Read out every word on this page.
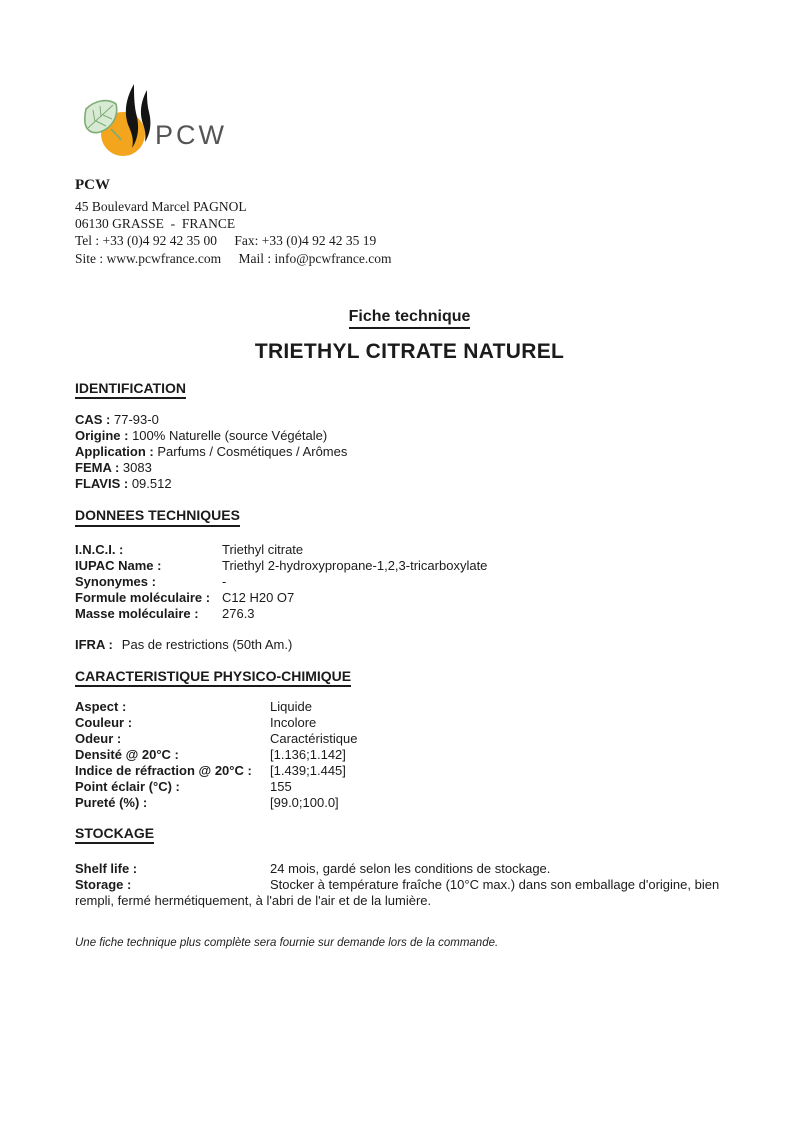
PCW
PCW
45 Boulevard Marcel PAGNOL
06130 GRASSE  -  FRANCE
Tel : +33 (0)4 92 42 35 00 Fax: +33 (0)4 92 42 35 19
Site : www.pcwfrance.com Mail : info@pcwfrance.com
Fiche technique
TRIETHYL CITRATE NATUREL
IDENTIFICATION
CAS : 77-93-0
Origine : 100% Naturelle (source Végétale)
Application : Parfums / Cosmétiques / Arômes
FEMA : 3083
FLAVIS : 09.512
DONNEES TECHNIQUES
I.N.C.I. :	Triethyl citrate
IUPAC Name :	Triethyl 2-hydroxypropane-1,2,3-tricarboxylate
Synonymes :	-
Formule moléculaire : C12 H20 O7
Masse moléculaire : 276.3
IFRA : Pas de restrictions (50th Am.)
CARACTERISTIQUE PHYSICO-CHIMIQUE
Aspect :	Liquide
Couleur :	Incolore
Odeur :	Caractéristique
Densité @ 20°C :	[1.136;1.142]
Indice de réfraction @ 20°C : [1.439;1.445]
Point éclair (°C) :	155
Pureté (%) :	[99.0;100.0]
STOCKAGE
Shelf life :	24 mois, gardé selon les conditions de stockage.
Storage :	Stocker à température fraîche (10°C max.) dans son emballage d'origine, bien rempli, fermé hermétiquement, à l'abri de l'air et de la lumière.

Une fiche technique plus complète sera fournie sur demande lors de la commande.
